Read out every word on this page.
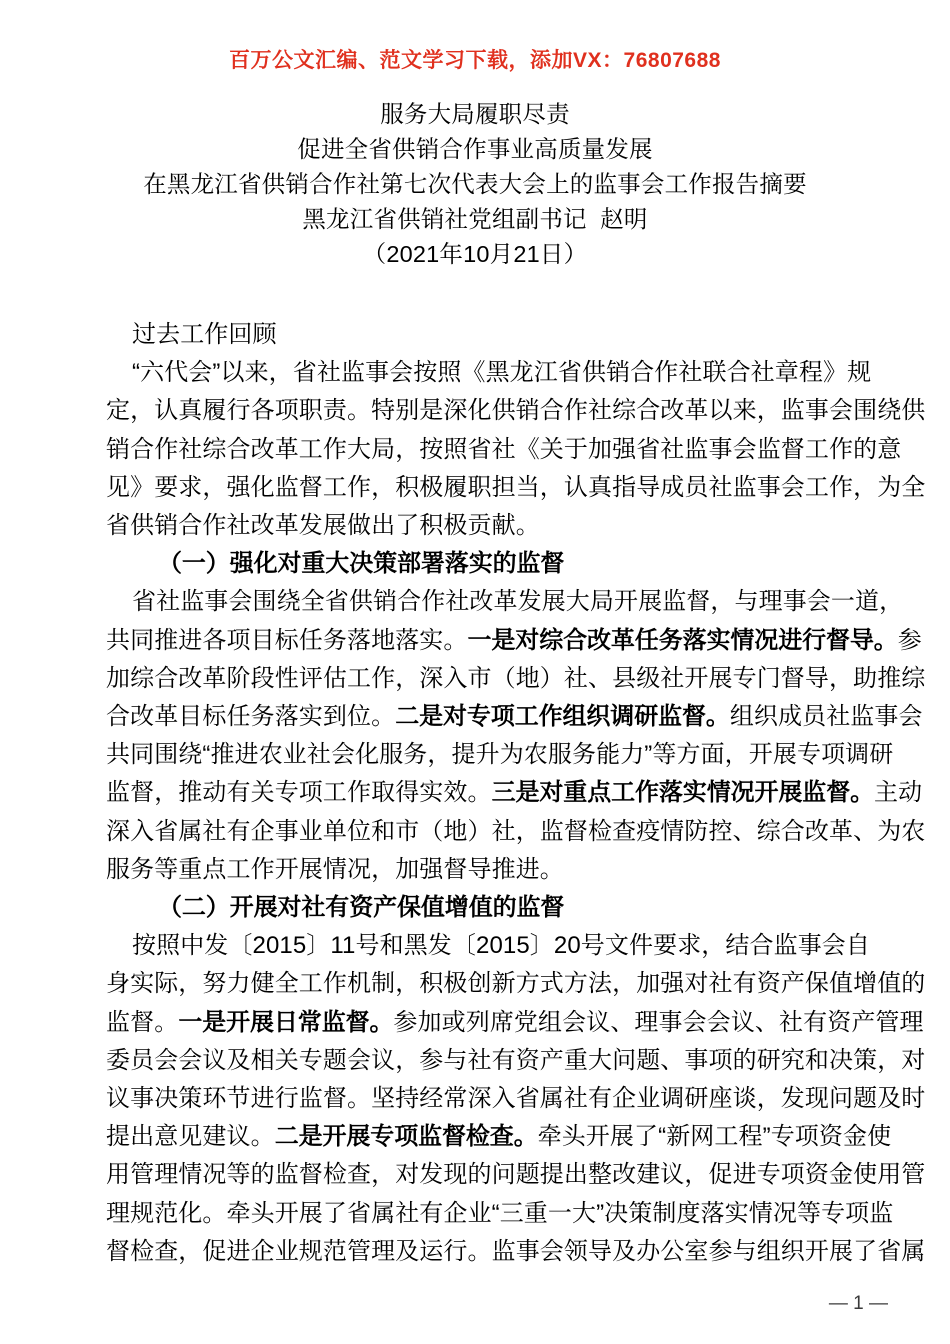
百万公文汇编、范文学习下载，添加VX：76807688
服务大局履职尽责
促进全省供销合作事业高质量发展
在黑龙江省供销合作社第七次代表大会上的监事会工作报告摘要
黑龙江省供销社党组副书记  赵明
（2021年10月21日）
过去工作回顾
“六代会”以来，省社监事会按照《黑龙江省供销合作社联合社章程》规
定，认真履行各项职责。特别是深化供销合作社综合改革以来，监事会围绕供
销合作社综合改革工作大局，按照省社《关于加强省社监事会监督工作的意
见》要求，强化监督工作，积极履职担当，认真指导成员社监事会工作，为全
省供销合作社改革发展做出了积极贡献。
（一）强化对重大决策部署落实的监督
省社监事会围绕全省供销合作社改革发展大局开展监督，与理事会一道，
共同推进各项目标任务落地落实。一是对综合改革任务落实情况进行督导。参
加综合改革阶段性评估工作，深入市（地）社、县级社开展专门督导，助推综
合改革目标任务落实到位。二是对专项工作组织调研监督。组织成员社监事会
共同围绕“推进农业社会化服务，提升为农服务能力”等方面，开展专项调研
监督，推动有关专项工作取得实效。三是对重点工作落实情况开展监督。主动
深入省属社有企事业单位和市（地）社，监督检查疫情防控、综合改革、为农
服务等重点工作开展情况，加强督导推进。
（二）开展对社有资产保值增值的监督
按照中发〔2015〕11号和黑发〔2015〕20号文件要求，结合监事会自
身实际，努力健全工作机制，积极创新方式方法，加强对社有资产保值增值的
监督。一是开展日常监督。参加或列席党组会议、理事会会议、社有资产管理
委员会会议及相关专题会议，参与社有资产重大问题、事项的研究和决策，对
议事决策环节进行监督。坚持经常深入省属社有企业调研座谈，发现问题及时
提出意见建议。二是开展专项监督检查。牵头开展了“新网工程”专项资金使
用管理情况等的监督检查，对发现的问题提出整改建议，促进专项资金使用管
理规范化。牵头开展了省属社有企业“三重一大”决策制度落实情况等专项监
督检查，促进企业规范管理及运行。监事会领导及办公室参与组织开展了省属
— 1 —
